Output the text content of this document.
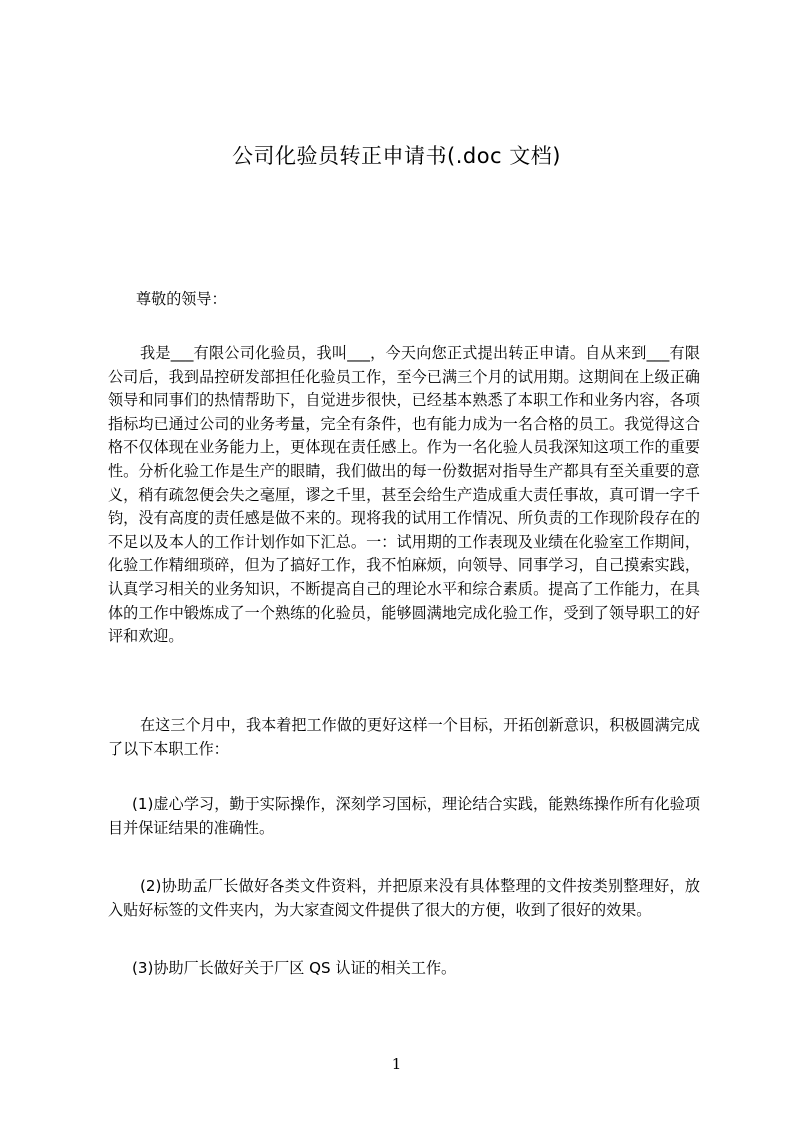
公司化验员转正申请书(.doc 文档)

尊敬的领导：

我是___有限公司化验员，我叫___，今天向您正式提出转正申请。自从来到___有限公司后，我到品控研发部担任化验员工作，至今已满三个月的试用期。这期间在上级正确领导和同事们的热情帮助下，自觉进步很快，已经基本熟悉了本职工作和业务内容，各项指标均已通过公司的业务考量，完全有条件，也有能力成为一名合格的员工。我觉得这合格不仅体现在业务能力上，更体现在责任感上。作为一名化验人员我深知这项工作的重要性。分析化验工作是生产的眼睛，我们做出的每一份数据对指导生产都具有至关重要的意义，稍有疏忽便会失之毫厘，谬之千里，甚至会给生产造成重大责任事故，真可谓一字千钧，没有高度的责任感是做不来的。现将我的试用工作情况、所负责的工作现阶段存在的不足以及本人的工作计划作如下汇总。一：试用期的工作表现及业绩在化验室工作期间，化验工作精细琐碎，但为了搞好工作，我不怕麻烦，向领导、同事学习，自己摸索实践，认真学习相关的业务知识，不断提高自己的理论水平和综合素质。提高了工作能力，在具体的工作中锻炼成了一个熟练的化验员，能够圆满地完成化验工作，受到了领导职工的好评和欢迎。

在这三个月中，我本着把工作做的更好这样一个目标，开拓创新意识，积极圆满完成了以下本职工作：

(1)虚心学习，勤于实际操作，深刻学习国标，理论结合实践，能熟练操作所有化验项目并保证结果的准确性。

(2)协助孟厂长做好各类文件资料，并把原来没有具体整理的文件按类别整理好，放入贴好标签的文件夹内，为大家查阅文件提供了很大的方便，收到了很好的效果。

(3)协助厂长做好关于厂区 QS 认证的相关工作。

1
